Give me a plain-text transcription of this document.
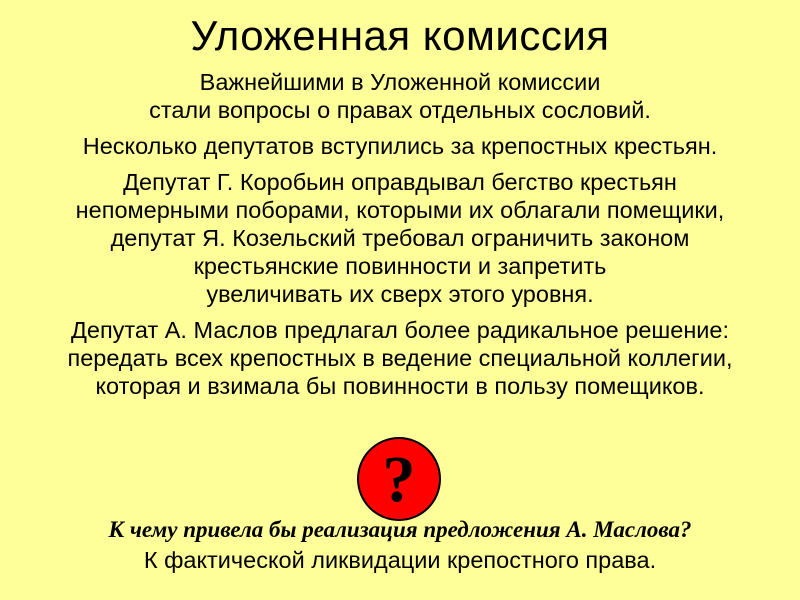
Уложенная комиссия
Важнейшими в Уложенной комиссии
стали вопросы о правах отдельных сословий.
Несколько депутатов вступились за крепостных крестьян.
Депутат Г. Коробьин оправдывал бегство крестьян
непомерными поборами, которыми их облагали помещики,
депутат Я. Козельский требовал ограничить законом
крестьянские повинности и запретить
увеличивать их сверх этого уровня.
Депутат А. Маслов предлагал более радикальное решение:
передать всех крепостных в ведение специальной коллегии,
которая и взимала бы повинности в пользу помещиков.
?
К чему привела бы реализация предложения А. Маслова?
К фактической ликвидации крепостного права.
